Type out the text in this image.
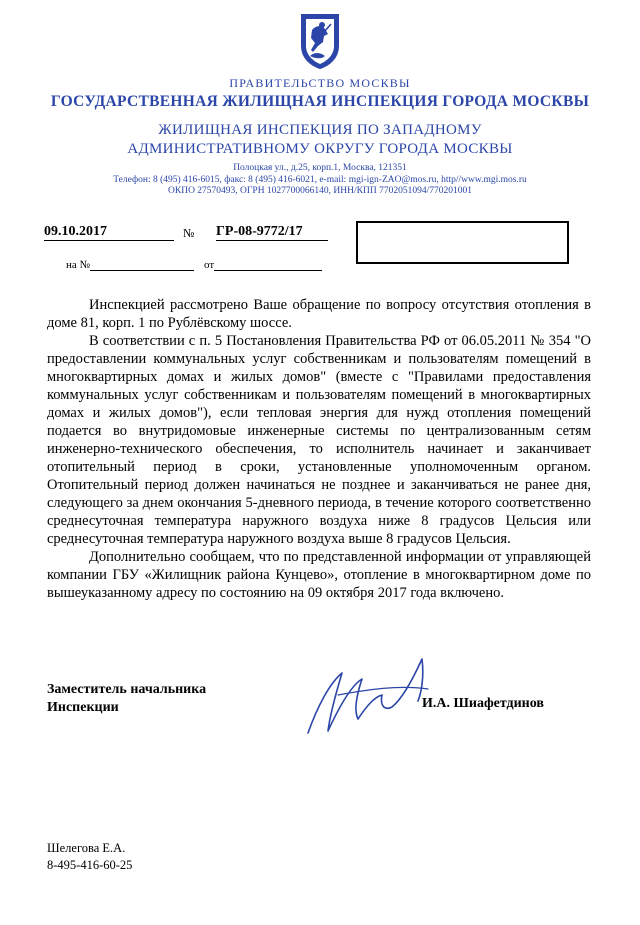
ПРАВИТЕЛЬСТВО МОСКВЫ
ГОСУДАРСТВЕННАЯ ЖИЛИЩНАЯ ИНСПЕКЦИЯ ГОРОДА МОСКВЫ
ЖИЛИЩНАЯ ИНСПЕКЦИЯ ПО ЗАПАДНОМУ
АДМИНИСТРАТИВНОМУ ОКРУГУ ГОРОДА МОСКВЫ
Полоцкая ул., д.25, корп.1, Москва, 121351
Телефон: 8 (495) 416-6015, факс: 8 (495) 416-6021, e-mail: mgi-ign-ZAO@mos.ru, http//www.mgi.mos.ru
ОКПО 27570493, ОГРН 1027700066140, ИНН/КПП 7702051094/770201001
09.10.2017	№ ГР-08-9772/17
на №	от

Инспекцией рассмотрено Ваше обращение по вопросу отсутствия отопления в доме 81, корп. 1 по Рублёвскому шоссе.

В соответствии с п. 5 Постановления Правительства РФ от 06.05.2011 № 354 "О предоставлении коммунальных услуг собственникам и пользователям помещений в многоквартирных домах и жилых домов" (вместе с "Правилами предоставления коммунальных услуг собственникам и пользователям помещений в многоквартирных домах и жилых домов"), если тепловая энергия для нужд отопления помещений подается во внутридомовые инженерные системы по централизованным сетям инженерно-технического обеспечения, то исполнитель начинает и заканчивает отопительный период в сроки, установленные уполномоченным органом. Отопительный период должен начинаться не позднее и заканчиваться не ранее дня, следующего за днем окончания 5-дневного периода, в течение которого соответственно среднесуточная температура наружного воздуха ниже 8 градусов Цельсия или среднесуточная температура наружного воздуха выше 8 градусов Цельсия.

Дополнительно сообщаем, что по представленной информации от управляющей компании ГБУ «Жилищник района Кунцево», отопление в многоквартирном доме по вышеуказанному адресу по состоянию на 09 октября 2017 года включено.

Заместитель начальника
Инспекции	И.А. Шиафетдинов
Шелегова Е.А.
8-495-416-60-25
